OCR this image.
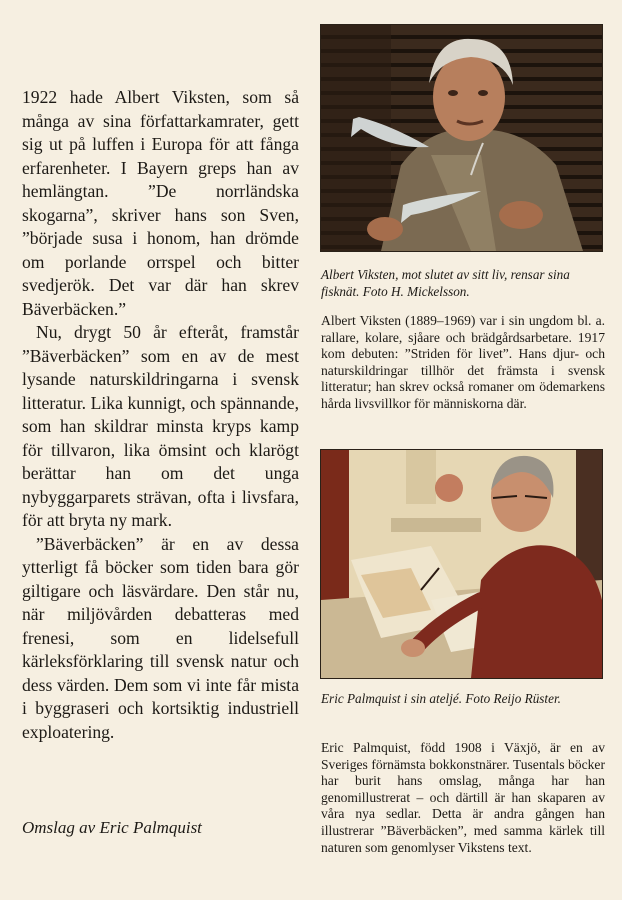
1922 hade Albert Viksten, som så många av sina författarkamrater, gett sig ut på luffen i Europa för att fånga erfarenheter. I Bayern greps han av hemlängtan. ”De norrländska skogarna”, skriver hans son Sven, ”började susa i honom, han drömde om porlande orrspel och bitter svedjerök. Det var där han skrev Bäverbäcken.”

Nu, drygt 50 år efteråt, framstår ”Bäverbäcken” som en av de mest lysande naturskildringarna i svensk litteratur. Lika kunnigt, och spännande, som han skildrar minsta kryps kamp för tillvaron, lika ömsint och klarögt berättar han om det unga nybyggarparets strävan, ofta i livsfara, för att bryta ny mark.

”Bäverbäcken” är en av dessa ytterligt få böcker som tiden bara gör giltigare och läsvärdare. Den står nu, när miljövården debatteras med frenesi, som en lidelsefull kärleksförklaring till svensk natur och dess värden. Dem som vi inte får mista i byggraseri och kortsiktig industriell exploatering.

Omslag av Eric Palmquist
Albert Viksten, mot slutet av sitt liv, rensar sina fisknät. Foto H. Mickelsson.
Albert Viksten (1889–1969) var i sin ungdom bl. a. rallare, kolare, sjåare och brädgårdsarbetare. 1917 kom debuten: ”Striden för livet”. Hans djur- och naturskildringar tillhör det främsta i svensk litteratur; han skrev också romaner om ödemarkens hårda livsvillkor för människorna där.
Eric Palmquist i sin ateljé. Foto Reijo Rüster.
Eric Palmquist, född 1908 i Växjö, är en av Sveriges förnämsta bokkonstnärer. Tusentals böcker har burit hans omslag, många har han genomillustrerat – och därtill är han skaparen av våra nya sedlar. Detta är andra gången han illustrerar ”Bäverbäcken”, med samma kärlek till naturen som genomlyser Vikstens text.
